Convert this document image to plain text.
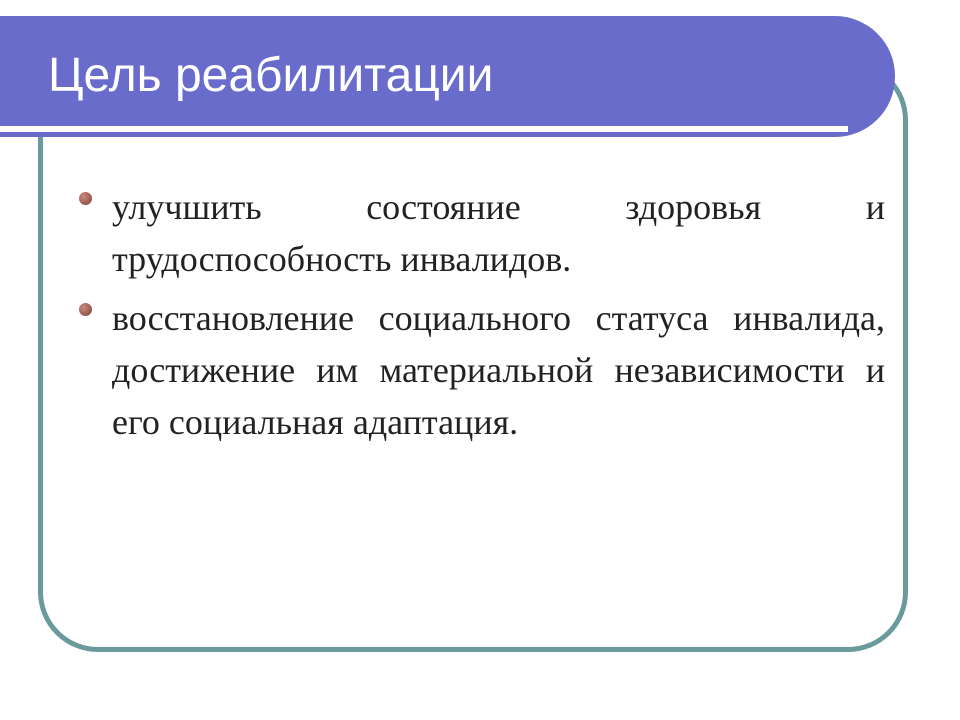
Цель реабилитации
улучшить состояние здоровья и трудоспособность инвалидов.
восстановление социального статуса инвалида, достижение им материальной независимости и его социальная адаптация.
